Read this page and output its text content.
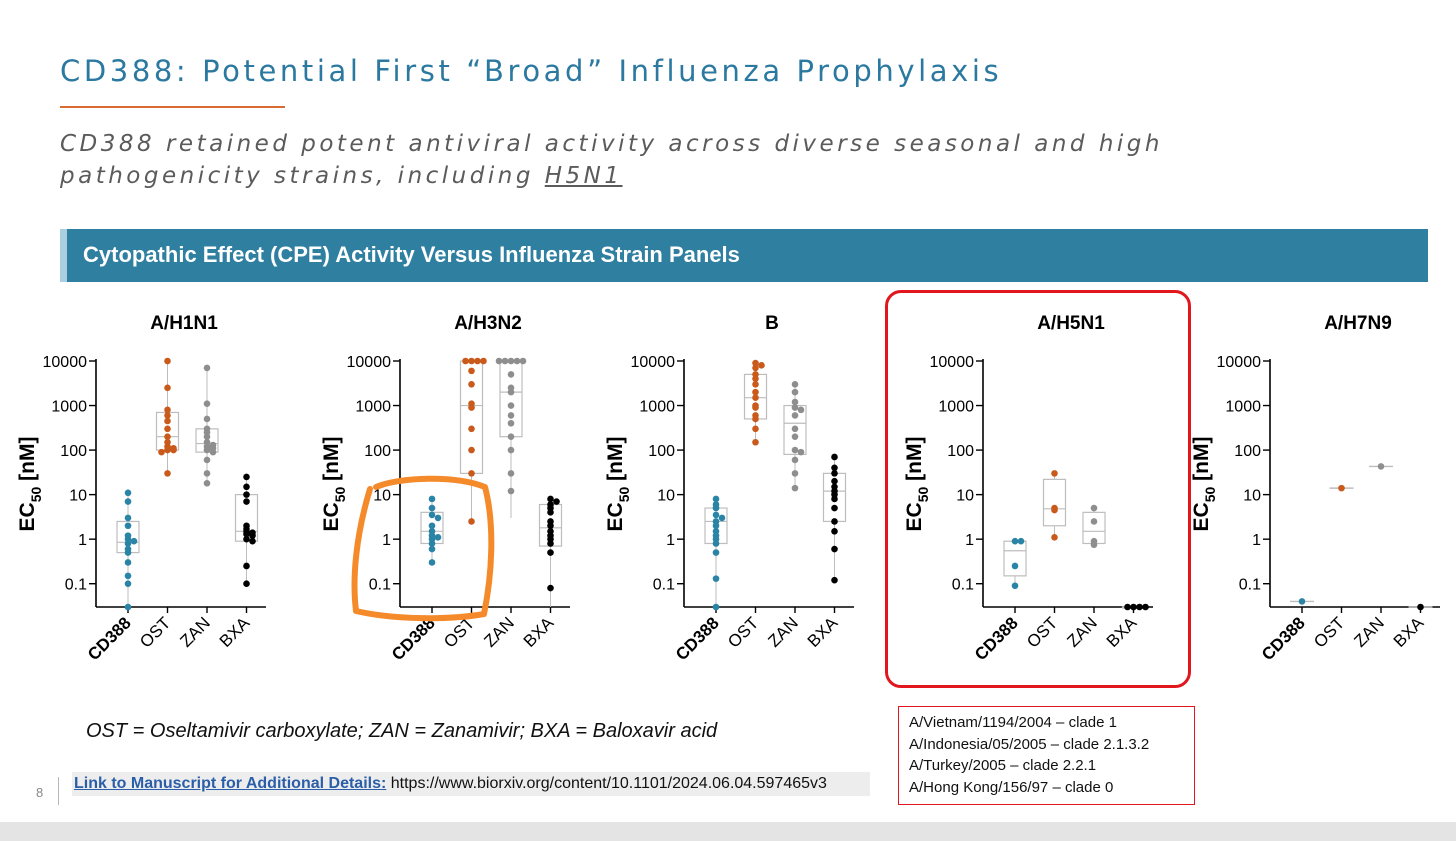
CD388: Potential First “Broad” Influenza Prophylaxis
CD388 retained potent antiviral activity across diverse seasonal and high pathogenicity strains, including H5N1
Cytopathic Effect (CPE) Activity Versus Influenza Strain Panels
A/H1N1
$EC_{50}$ [nM]
10000
1000
100
10
1
0.1
CD388 OST ZAN BXA
A/H3N2
$EC_{50}$ [nM]
10000
1000
100
10
1
0.1
CD388 OST ZAN BXA
B
$EC_{50}$ [nM]
10000
1000
100
10
1
0.1
CD388 OST ZAN BXA
A/H5N1
$EC_{50}$ [nM]
10000
1000
100
10
1
0.1
CD388 OST ZAN BXA
A/H7N9
$EC_{50}$ [nM]
10000
1000
100
10
1
0.1
CD388 OST ZAN BXA

OST = Oseltamivir carboxylate; ZAN = Zanamivir; BXA = Baloxavir acid	A/Vietnam/1194/2004 – clade 1
A/Indonesia/05/2005 – clade 2.1.3.2
A/Turkey/2005 – clade 2.2.1
A/Hong Kong/156/97 – clade 0
8
Link to Manuscript for Additional Details: https://www.biorxiv.org/content/10.1101/2024.06.04.597465v3
